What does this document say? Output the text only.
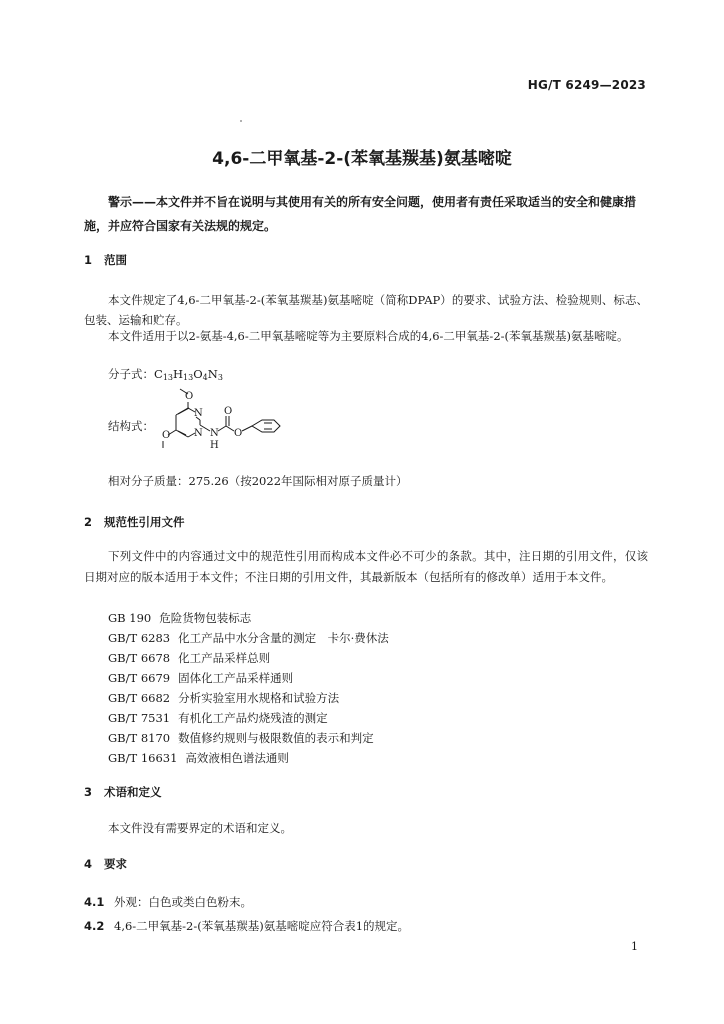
HG/T 6249—2023
4,6-二甲氧基-2-(苯氧基羰基)氨基嘧啶
警示——本文件并不旨在说明与其使用有关的所有安全问题，使用者有责任采取适当的安全和健康措施，并应符合国家有关法规的规定。
1 范围
本文件规定了4,6-二甲氧基-2-(苯氧基羰基)氨基嘧啶（简称DPAP）的要求、试验方法、检验规则、标志、包装、运输和贮存。
本文件适用于以2-氨基-4,6-二甲氧基嘧啶等为主要原料合成的4,6-二甲氧基-2-(苯氧基羰基)氨基嘧啶。
分子式：$C_{13}H_{13}O_4N_3$
结构式：
O
N
N
O	N
H
O
O
相对分子质量：275.26（按2022年国际相对原子质量计）
2 规范性引用文件
下列文件中的内容通过文中的规范性引用而构成本文件必不可少的条款。其中，注日期的引用文件，仅该日期对应的版本适用于本文件；不注日期的引用文件，其最新版本（包括所有的修改单）适用于本文件。
GB 190 危险货物包装标志
GB/T 6283 化工产品中水分含量的测定　卡尔·费休法
GB/T 6678 化工产品采样总则
GB/T 6679 固体化工产品采样通则
GB/T 6682 分析实验室用水规格和试验方法
GB/T 7531 有机化工产品灼烧残渣的测定
GB/T 8170 数值修约规则与极限数值的表示和判定
GB/T 16631 高效液相色谱法通则
3 术语和定义
本文件没有需要界定的术语和定义。
4 要求
4.1 外观：白色或类白色粉末。
4.2 4,6-二甲氧基-2-(苯氧基羰基)氨基嘧啶应符合表1的规定。
1
